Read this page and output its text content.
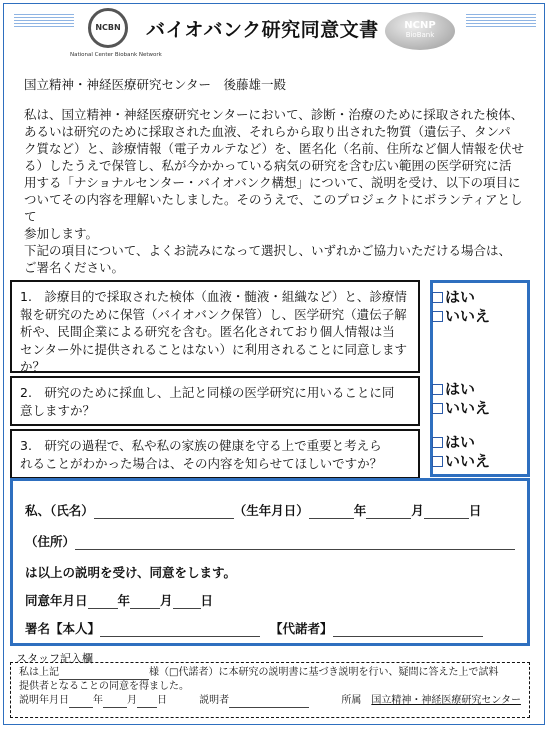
NCBN
National Center Biobank Network
バイオバンク研究同意文書	NCNP
BioBank
国立精神・神経医療研究センター　後藤雄一殿
私は、国立精神・神経医療研究センターにおいて、診断・治療のために採取された検体、
あるいは研究のために採取された血液、それらから取り出された物質（遺伝子、タンパ
ク質など）と、診療情報（電子カルテなど）を、匿名化（名前、住所など個人情報を伏せ
る）したうえで保管し、私が今かかっている病気の研究を含む広い範囲の医学研究に活
用する「ナショナルセンター・バイオバンク構想」について、説明を受け、以下の項目に
ついてその内容を理解いたしました。そのうえで、このプロジェクトにボランティアとして
参加します。
下記の項目について、よくお読みになって選択し、いずれかご協力いただける場合は、
ご署名ください。
1.　診療目的で採取された検体（血液・髄液・組織など）と、診療情
報を研究のために保管（バイオバンク保管）し、医学研究（遺伝子解
析や、民間企業による研究を含む。匿名化されており個人情報は当
センター外に提供されることはない）に利用されることに同意します
か？
はい
いいえ
2.　研究のために採血し、上記と同様の医学研究に用いることに同
意しますか？
はい
いいえ
3.　研究の過程で、私や私の家族の健康を守る上で重要と考えら
れることがわかった場合は、その内容を知らせてほしいですか？
はい
いいえ
私、（氏名）	（生年月日）	年	月	日
（住所）
は以上の説明を受け、同意をします。
同意年月日 年 月 日
署名【本人】	【代諾者】
スタッフ記入欄
私は上記	様（□代諾者）に本研究の説明書に基づき説明を行い、疑問に答えた上で試料
提供者となることの同意を得ました。
説明年月日 年 月 日	説明者	所属　 国立精神・神経医療研究センター
